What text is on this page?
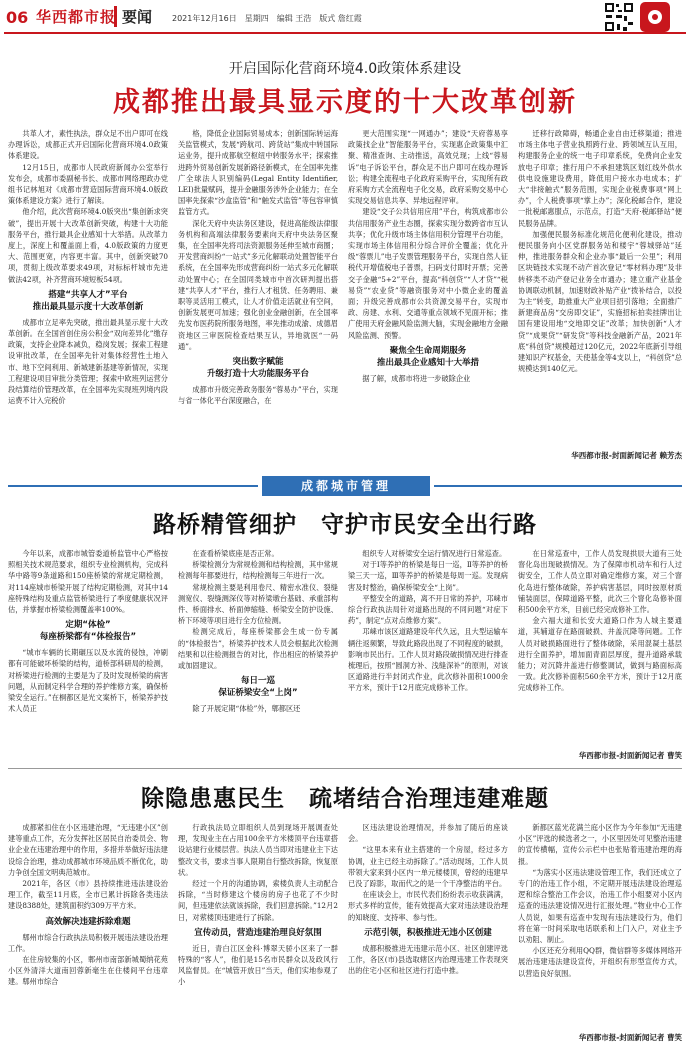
06 华西都市报 要闻 2021年12月16日　星期四　编辑 王浩　版式 詹红霞
开启国际化营商环境4.0政策体系建设
成都推出最具显示度的十大改革创新

共革人才，素性执法，群众足不出户即可在线办理诉讼，成都正式开启国际化营商环境4.0政策体系建设。

12月15日，成都市人民政府新闻办公室举行发布会，成都市委副秘书长、成都市网络理政办党组书记林旭对《成都市营造国际营商环境4.0版政策体系建设方案》进行了解读。

他介绍，此次营商环境4.0版突出“集创新求突破”，提出开展十大改革创新突破，构建十大功能服务平台，推行最具企业感知十大举措。从改革力度上，深度上和覆盖面上看，4.0版政策的力度更大、范围更宽，内容更丰富。其中，创新突破70项，贯彻上级改革要求49项，对标标杆城市先进做法42项，补齐营商环境短板54项。

搭建“共享人才”平台
推出最具显示度十大改革创新

成都市立足率先突破，推出最具显示度十大改革创新。在全国首创住房公积金“双向差异化”缴存政策，支持企业降本减负，稳岗发展；探索工程建设审批改革，在全国率先针对集体经营性土地入市、地下空间利用、新城建新基建等新情况，实现工程建设项目审批分类管理；探索中欧班列运营分段结算结价管理改革，在全国率先实现班列境内段运费不计入完税价

格，降低企业国际贸易成本；创新国际转运海关监管模式，发展“跨航司、跨货站”集成中转国际运业务，提升成都航空枢纽中转服务水平；探索推进跨外贸易创新发展新路径新模式，在全国率先推广全球法人识别编码(Legal Entity Identifier, LEI)批量赋码，提升金融服务涉外企业能力；在全国率先探索“沙盒监管”和“触发式监管”等包容审慎监管方式。

深化天府中央法务区建设，促进高能级法律服务机构和高端法律服务要素向天府中央法务区聚集，在全国率先将司法资源服务延伸至城市商圈；开发营商纠纷“一站式”多元化解联动处置智能平台系统，在全国率先形成营商纠纷一站式多元化解联动处置中心；在全国同类城市中首次研判提出搭建“共享人才”平台，推行人才租赁、任务聘用、兼职等灵活用工模式，让人才价值走活就业有空间，创新发展更可加速；强化创业金融创新，在全国率先发布医药院所服务地图，率先推动成渝、成德眉资地区三审医院检查结果互认，异地就医“一码通”。

突出数字赋能
升级打造十大功能服务平台

成都市升级完善政务服务“蓉易办”平台，实现与省一体化平台深度融合，在

更大范围实现“一网通办”；建设“天府蓉易享政策找企业”智能服务平台，实现惠企政策集中汇聚、精准查询、主动推送，高效兑现；上线“蓉易诉”电子诉讼平台，群众足不出户即可在线办理诉讼；构建全流程电子化政府采购平台，实现所有政府采购方式全流程电子化交易，政府采购交易中心实现交易信息共享、异地远程评审。

建设“交子公共信用应用”平台，构筑成都市公共信用服务产业生态圈，探索实现分数跨省市互认共享；优化升级市场主体信用积分管理平台功能，实现市场主体信用积分综合评价全覆盖；优化升级“蓉票儿”电子发票管理服务平台，实现自然人征税代开增值税电子普票，扫码支付即时开票；完善交子金融“5+2”平台，提高“科创贷”“人才贷”“税易贷”“农业贷”等融资服务对中小微企业的覆盖面；升级完善成都市公共资源交易平台，实现市政、房建、水利、交通等重点领域不见面开标；推广使用天府金融风险监测大脑，实现金融地方金融风险监测、预警。

聚焦全生命周期服务
推出最具企业感知十大举措

据了解，成都市将进一步破除企业

迁移行政障碍，畅通企业自由迁移渠道；推进市场主体电子营业执照跨行业、跨领域互认互用，构建服务企业的统一电子印章系统，免费向企业发放电子印章；推行用户不承担建筑区划红线外供水供电设施建设费用，降低用户接水办电成本；扩大“非接触式”服务范围，实现企业税费事项“网上办”，个人税费事项“掌上办”；深化税邮合作，建设一批税邮惠服点，示范点，打造“天府·税邮驿站”便民服务品牌。

加强便民服务标准化规范化便利化建设，推动便民服务向小区党群服务站和楼宇“蓉城驿站”延伸，推进服务群众和企业办事“最后一公里”；利用区块链技术实现不动产首次登记“零材料办理”及非转移类不动产登记业务全市通办；建立重产业基金协调联动机制，加速财政补贴产业“拨补结合，以投为主”转变，助推重大产业项目招引落地；全面推广新建商品房“交房即交证”，实施招标拍卖挂牌出让国有建设用地“交地即交证”改革；加快创新“人才贷”“成果贷”“研发贷”等科技金融新产品，2021年底“科创贷”规模超过120亿元，2022年底新引导组建知识产权基金，天使基金等4支以上，“科创贷”总规模达到140亿元。

华西都市报-封面新闻记者 赖芳杰
成都城市管理
路桥精管细护　守护市民安全出行路

今年以来，成都市城管委道桥监管中心严格按照相关技术规范要求，组织专业检测机构，完成科华中路等9条道路和150座桥梁的常规定期检测，对114座城市桥梁开展了结构定期检测，对其中14座特殊结构及重点监管桥梁进行了季度健康状况评估，并掌握市桥梁检测覆盖率100%。

定期“体检”
每座桥梁都有“体检报告”

“城市车辆的长期碾压以及水流的侵蚀，冲刷都有可能破坏桥梁的结构，道桥部科研局的检测，对桥梁进行检测的主要是为了及时发现桥梁的病害问题，从而制定科学合理的养护维修方案，确保桥梁安全运行。”在桐都区是光文案桥下，桥梁养护技术人员正

在查看桥梁底座是否正常。

桥梁检测分为常规检测和结构检测，其中常规检测每年都要进行，结构检测每三年进行一次。

常规检测主要是利用卷尺、精密水准仪、裂缝测宽仪、裂缝测深仪等对桥梁墩台基础、承重部构件、桥面排水、桥面伸缩缝、桥梁安全防护设施、桥下环境等项目进行全方位检测。

检测完成后，每座桥梁都会生成一份专属的“体检报告”，桥梁养护技术人员会根据此次检测结果和以往检测报告的对比，作出相应的桥梁养护或加固建议。

每日一巡
保证桥梁安全“上岗”

除了开展定期“体检”外，郫都区还

组织专人对桥梁安全运行情况进行日常巡查。

对于Ⅰ等养护的桥梁是每日一巡，Ⅱ等养护的桥梁三天一巡，Ⅲ等养护的桥梁是每周一巡。发现病害及时整治，确保桥梁安全“上岗”。

平整安全的道路，离不开日常的养护，邛崃市综合行政执法局针对道路出现的不同问题“对症下药”，制定“点对点维修方案”。

邛崃市该区道路建设年代久远，且大型运输车辆往返频繁，导致此路段出现了不同程度的破损，影响市民出行。工作人员对路段破损情况进行排查梳理后，按照“圆洞方补、浅缝深补”的原则，对该区道路进行半封闭式作业，此次修补面积1000余平方米，预计于12月底完成修补工作。

在日常巡查中，工作人员发现拱辰大道有三处窨化岛出现破损情况。为了保障市机动车和行人过街安全，工作人员立即对确定维修方案，对三个窨化岛进行整体破除，养护病害基层，同时按原材质铺装面层，保障道路平整，此次三个窨化岛修补面积500余平方米，目前已经完成修补工作。

金六福大道和长安大道路口作为人城主要通道，其辅道存在路面破损、井盖沉降等问题。工作人员对破损路面进行了整体破除，采用混凝土基层进行全面养护，增加面青面层厚度，提升道路承载能力；对沉降井盖进行修整调试，做到与路面标高一致。此次修补面积560余平方米，预计于12月底完成修补工作。

华西都市报-封面新闻记者 曹笑
除隐患惠民生　疏堵结合治理违建难题

成都紧扣住在小区违建治理，“无违建小区”创建等重点工作，充分发挥社区居民自治委员会、物业企业在违建治理中的作用，多措并举做好违法建设综合治理，推动成都城市环境品质不断优化，助力争创全国文明典范城市。

2021年，各区（市）县持续推进违法建设治理工作，截至11月底，全市已累计拆除各类违法建设8388处，建筑面积约309万平方米。

高效解决违建拆除难题

郫州市综合行政执法局积极开展违法建设治理工作。

在住房较集的小区，郫州市南部新城蜀纳花苑小区外清洋大道南回蓉新毫生在住楼间平台违章建。郫州市综合

行政执法局立即组织人员到现场开展调查处理，发现业主在占用100余平方米楼顶平台违章搭设站建行业楼层营。执法人员当即对违建业主下达整改文书，要求当事人限期自行整改拆除，恢复原状。

经过一个月的沟通协调，索楼负责人主动配合拆除，“当时修建这个楼房的房子也花了不少时间，但违建依法就该拆除，我们回意拆除。”12月2日，对萦楼顶违建进行了拆除。

宣传动员，营造违建治理良好氛围

近日，青白江区金科·博翠天骄小区来了一群特殊的“客人”，他们是15名市民群众以及政风行风监督员。在“城管开放日”当天，他们实地参观了小

区违法建设治理情况，并参加了随后的座谈会。

“这里本来有业主搭建的一个房屋，经过多方协调，业主已经主动拆除了。”活动现场，工作人员带领大家来到小区内一单元楼楼顶，曾经的违建早已没了踪影，取而代之的是一个干净整洁的平台。

在座谈会上，市民代表们纷纷表示收获满满，形式多样的宣传，能有效提高大家对违法建设治理的知晓度、支持率、参与性。

示范引领，积极推进无违小区创建

成都积极推进无违建示范小区、社区创建评选工作，各区(市)县选取辖区内治理违建工作表现突出的住宅小区和社区进行打造中推。

新都区蓝光花满兰庭小区作为今年参加“无违建小区”评选的候选者之一，小区里因处可见整治违建的宣传横幅，宣传公示栏中也张贴着违建治理的海报。

“为落实小区违法建设管理工作，我们还成立了专门的治违工作小组，不定期开展违法建设治理巡逻和综合整治工作会议，治违工作小组要对小区内巡查的违法建设情况进行汇报处理。”物业中心工作人员说，如果有巡查中发现有违法建设行为，他们将在第一时间采取电话联系和上门入户，对业主予以劝阻、制止。

小区还充分利用QQ群，微信群等多媒体网络开展治违建违法建设宣传，开组织有形型宣传方式，以营造良好氛围。

华西都市报-封面新闻记者 曹笑
